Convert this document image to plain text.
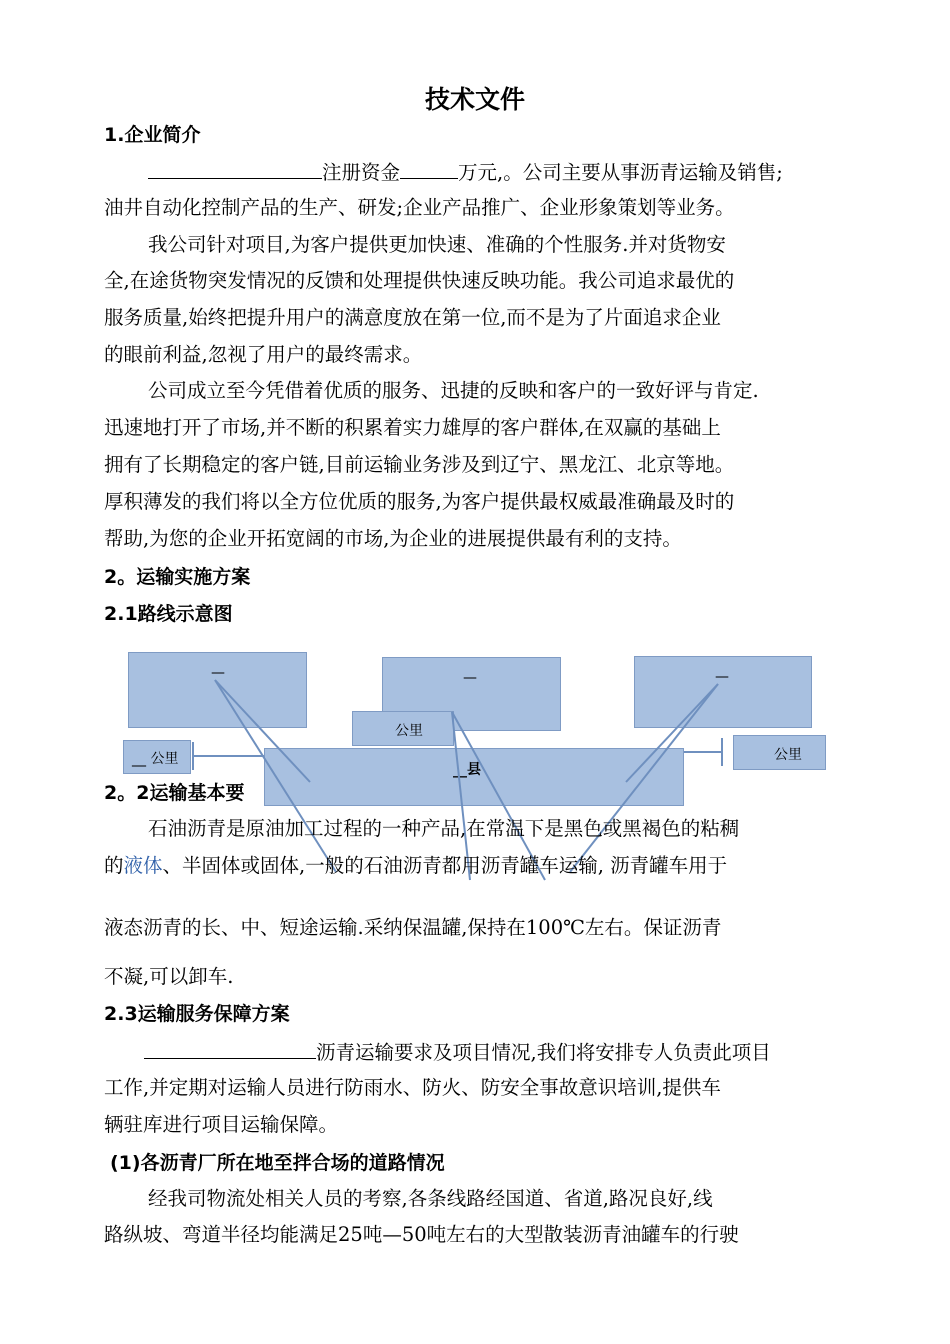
技术文件
1.企业简介
注册资金	万元,。公司主要从事沥青运输及销售;
油井自动化控制产品的生产、研发;企业产品推广、企业形象策划等业务。
我公司针对项目,为客户提供更加快速、准确的个性服务.并对货物安
全,在途货物突发情况的反馈和处理提供快速反映功能。我公司追求最优的
服务质量,始终把提升用户的满意度放在第一位,而不是为了片面追求企业
的眼前利益,忽视了用户的最终需求。
公司成立至今凭借着优质的服务、迅捷的反映和客户的一致好评与肯定.
迅速地打开了市场,并不断的积累着实力雄厚的客户群体,在双赢的基础上
拥有了长期稳定的客户链,目前运输业务涉及到辽宁、黑龙江、北京等地。
厚积薄发的我们将以全方位优质的服务,为客户提供最权威最准确最及时的
帮助,为您的企业开拓宽阔的市场,为企业的进展提供最有利的支持。
2。运输实施方案
2.1路线示意图
—	—	—
__县
公里
__ 公里	公里
2。2运输基本要
石油沥青是原油加工过程的一种产品,在常温下是黑色或黑褐色的粘稠
的液体、半固体或固体,一般的石油沥青都用沥青罐车运输, 沥青罐车用于
液态沥青的长、中、短途运输.采纳保温罐,保持在100℃左右。保证沥青
不凝,可以卸车.
2.3运输服务保障方案
沥青运输要求及项目情况,我们将安排专人负责此项目
工作,并定期对运输人员进行防雨水、防火、防安全事故意识培训,提供车
辆驻库进行项目运输保障。
(1)各沥青厂所在地至拌合场的道路情况
经我司物流处相关人员的考察,各条线路经国道、省道,路况良好,线
路纵坡、弯道半径均能满足25吨—50吨左右的大型散装沥青油罐车的行驶
